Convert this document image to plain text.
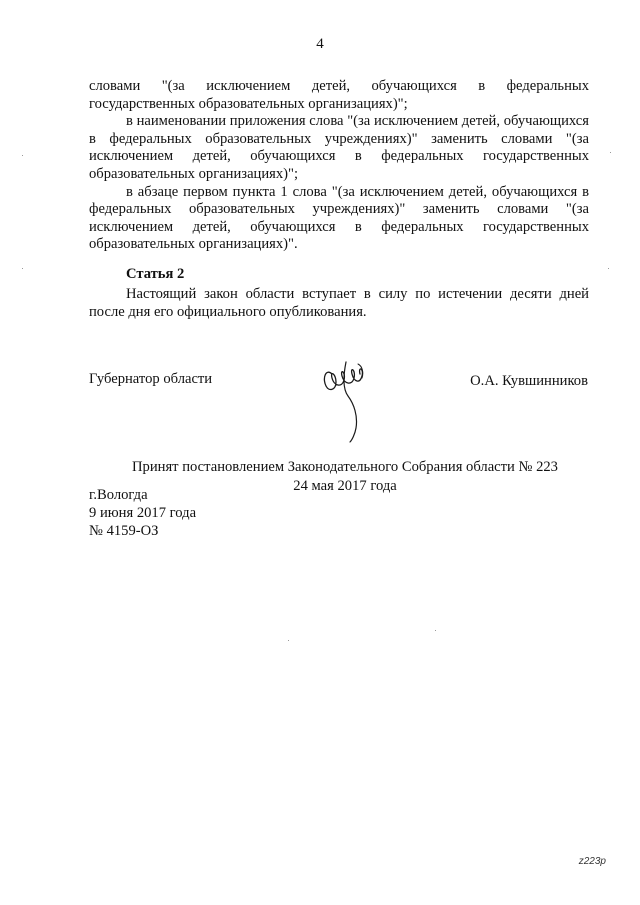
4

словами "(за исключением детей, обучающихся в федеральных государственных образовательных организациях)";

в наименовании приложения слова "(за исключением детей, обучающихся в федеральных образовательных учреждениях)" заменить словами "(за исключением детей, обучающихся в федеральных государственных образовательных организациях)";

в абзаце первом пункта 1 слова "(за исключением детей, обучающихся в федеральных образовательных учреждениях)" заменить словами "(за исключением детей, обучающихся в федеральных государственных образовательных организациях)".

Статья 2

Настоящий закон области вступает в силу по истечении десяти дней после дня его официального опубликования.

Губернатор области	О.А. Кувшинников
Принят постановлением Законодательного Собрания области № 223
24 мая 2017 года
г.Вологда
9 июня 2017 года
№ 4159-ОЗ
z223p
